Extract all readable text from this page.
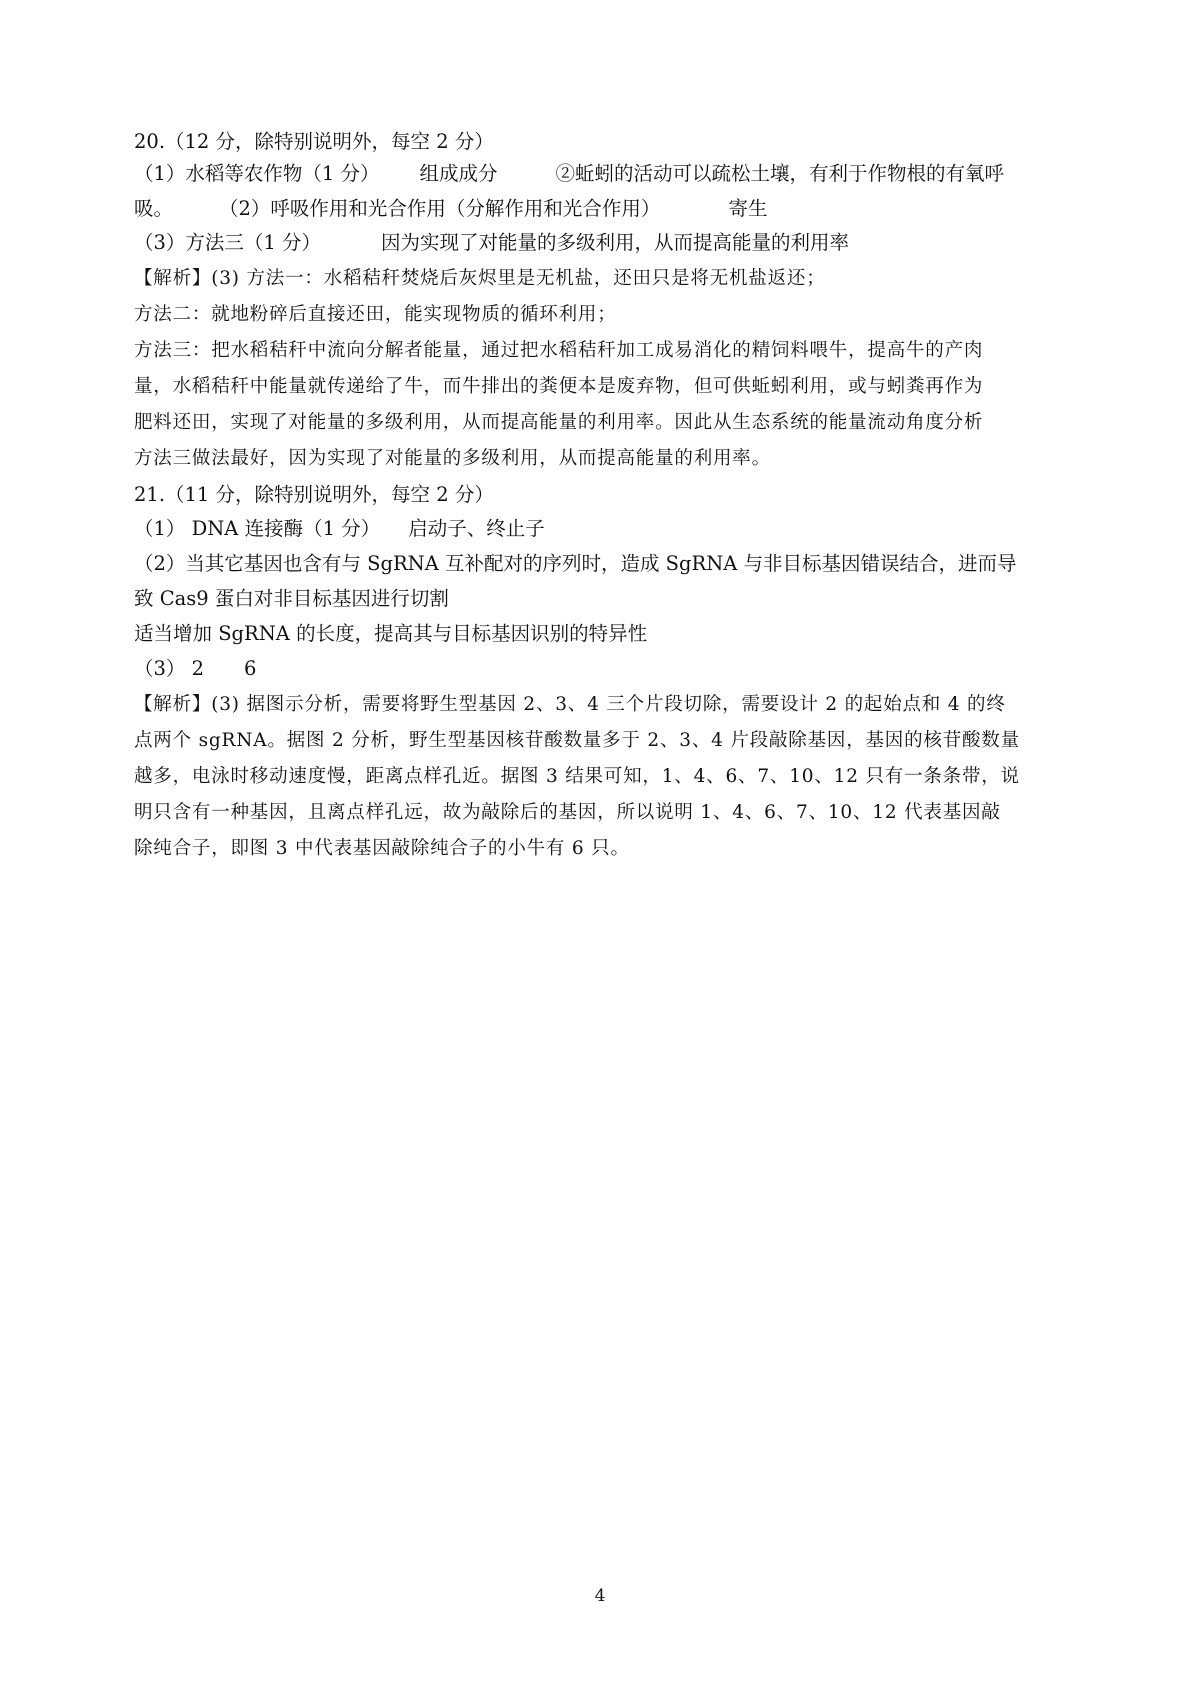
20.（12 分，除特别说明外，每空 2 分）
（1）水稻等农作物（1 分） 组成成分	②蚯蚓的活动可以疏松土壤，有利于作物根的有氧呼
吸。 （2）呼吸作用和光合作用（分解作用和光合作用）	寄生
（3）方法三（1 分）	因为实现了对能量的多级利用，从而提高能量的利用率
【解析】(3) 方法一：水稻秸秆焚烧后灰烬里是无机盐，还田只是将无机盐返还；
方法二：就地粉碎后直接还田，能实现物质的循环利用；
方法三：把水稻秸秆中流向分解者能量，通过把水稻秸秆加工成易消化的精饲料喂牛，提高牛的产肉
量，水稻秸秆中能量就传递给了牛，而牛排出的粪便本是废弃物，但可供蚯蚓利用，或与蚓粪再作为
肥料还田，实现了对能量的多级利用，从而提高能量的利用率。因此从生态系统的能量流动角度分析
方法三做法最好，因为实现了对能量的多级利用，从而提高能量的利用率。
21.（11 分，除特别说明外，每空 2 分）
（1） DNA 连接酶（1 分） 启动子、终止子
（2）当其它基因也含有与 SgRNA 互补配对的序列时，造成 SgRNA 与非目标基因错误结合，进而导
致 Cas9 蛋白对非目标基因进行切割
适当增加 SgRNA 的长度，提高其与目标基因识别的特异性
（3） 2 6
【解析】(3) 据图示分析，需要将野生型基因 2、3、4 三个片段切除，需要设计 2 的起始点和 4 的终
点两个 sgRNA。据图 2 分析，野生型基因核苷酸数量多于 2、3、4 片段敲除基因，基因的核苷酸数量
越多，电泳时移动速度慢，距离点样孔近。据图 3 结果可知，1、4、6、7、10、12 只有一条条带，说
明只含有一种基因，且离点样孔远，故为敲除后的基因，所以说明 1、4、6、7、10、12 代表基因敲
除纯合子，即图 3 中代表基因敲除纯合子的小牛有 6 只。
4
